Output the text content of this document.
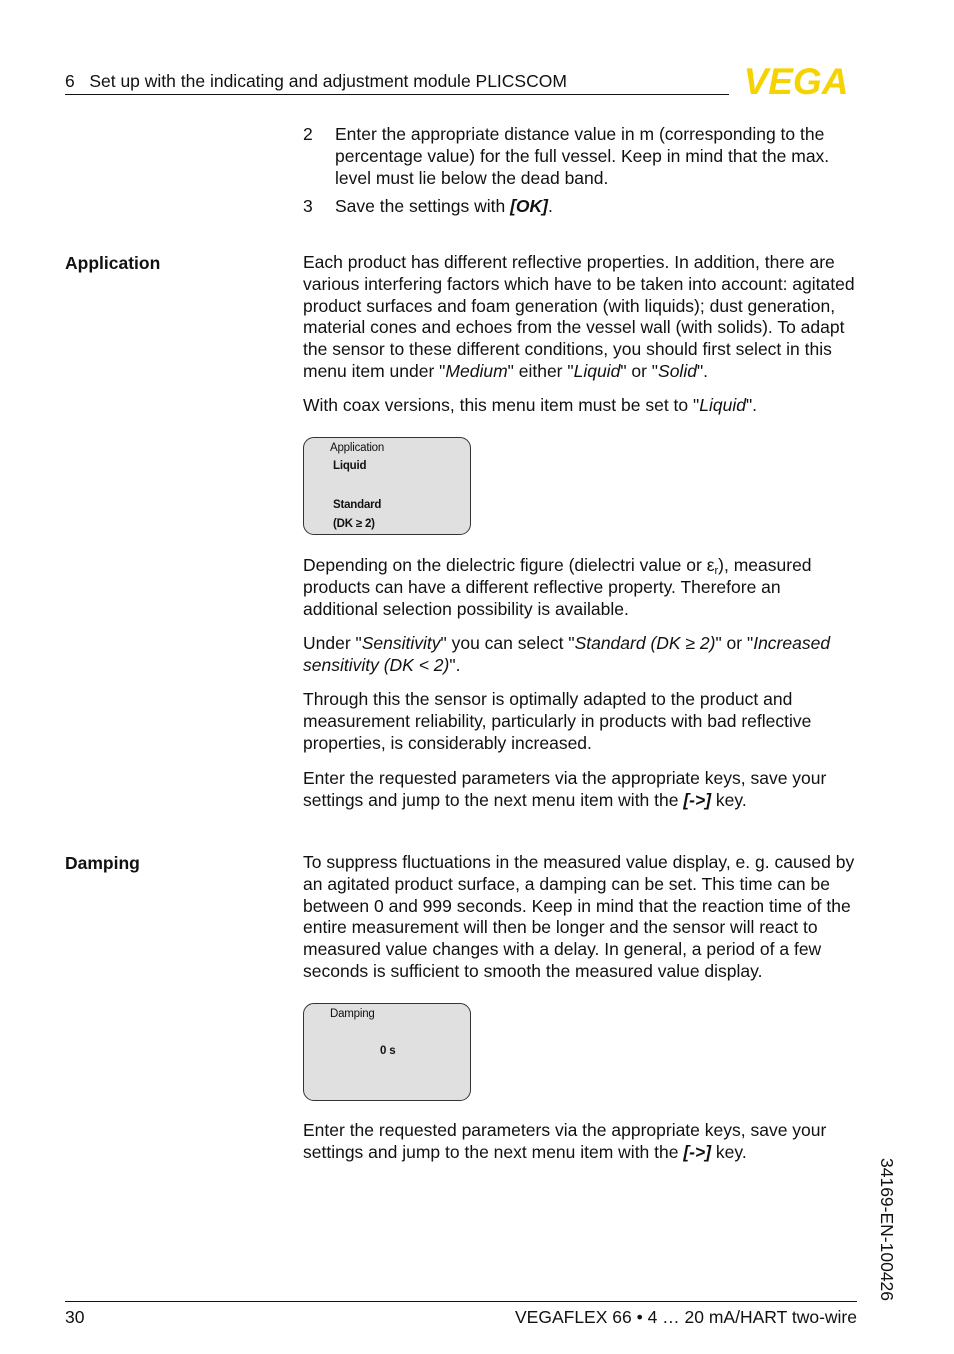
6   Set up with the indicating and adjustment module PLICSCOM	VEGA
2 Enter the appropriate distance value in m (corresponding to the percentage value) for the full vessel. Keep in mind that the max. level must lie below the dead band.
3 Save the settings with [OK].
Application	Each product has different reflective properties. In addition, there are various interfering factors which have to be taken into account: agitated product surfaces and foam generation (with liquids); dust generation, material cones and echoes from the vessel wall (with solids). To adapt the sensor to these different conditions, you should first select in this menu item under "Medium" either "Liquid" or "Solid".

With coax versions, this menu item must be set to "Liquid".

Application
Liquid
Standard
(DK ≥ 2)

Depending on the dielectric figure (dielectri value or $\varepsilon_r$), measured products can have a different reflective property. Therefore an additional selection possibility is available.

Under "Sensitivity" you can select "Standard (DK ≥ 2)" or "Increased sensitivity (DK < 2)".

Through this the sensor is optimally adapted to the product and measurement reliability, particularly in products with bad reflective properties, is considerably increased.

Enter the requested parameters via the appropriate keys, save your settings and jump to the next menu item with the [->] key.

Damping	To suppress fluctuations in the measured value display, e. g. caused by an agitated product surface, a damping can be set. This time can be between 0 and 999 seconds. Keep in mind that the reaction time of the entire measurement will then be longer and the sensor will react to measured value changes with a delay. In general, a period of a few seconds is sufficient to smooth the measured value display.
Damping
0 s

Enter the requested parameters via the appropriate keys, save your settings and jump to the next menu item with the [->] key.

34169-EN-100426
30	VEGAFLEX 66 • 4 … 20 mA/HART two-wire
